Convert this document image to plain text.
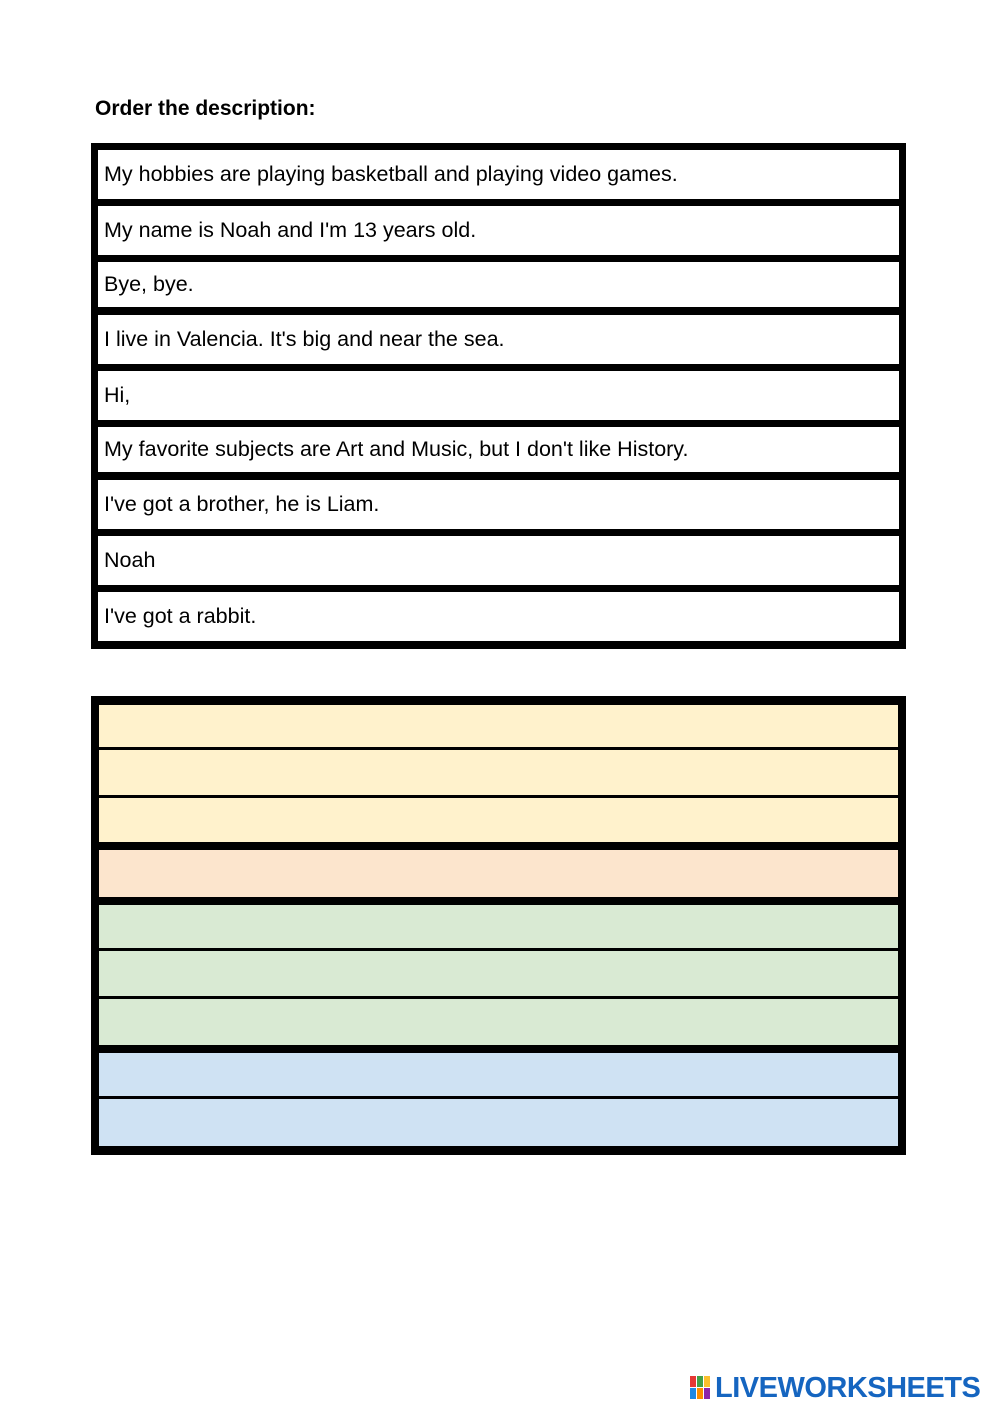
Order the description:
My hobbies are playing basketball and playing video games.
My name is Noah and I'm 13 years old.
Bye, bye.
I live in Valencia. It's big and near the sea.
Hi,
My favorite subjects are Art and Music, but I don't like History.
I've got a brother, he is Liam.
Noah
I've got a rabbit.
LIVEWORKSHEETS
